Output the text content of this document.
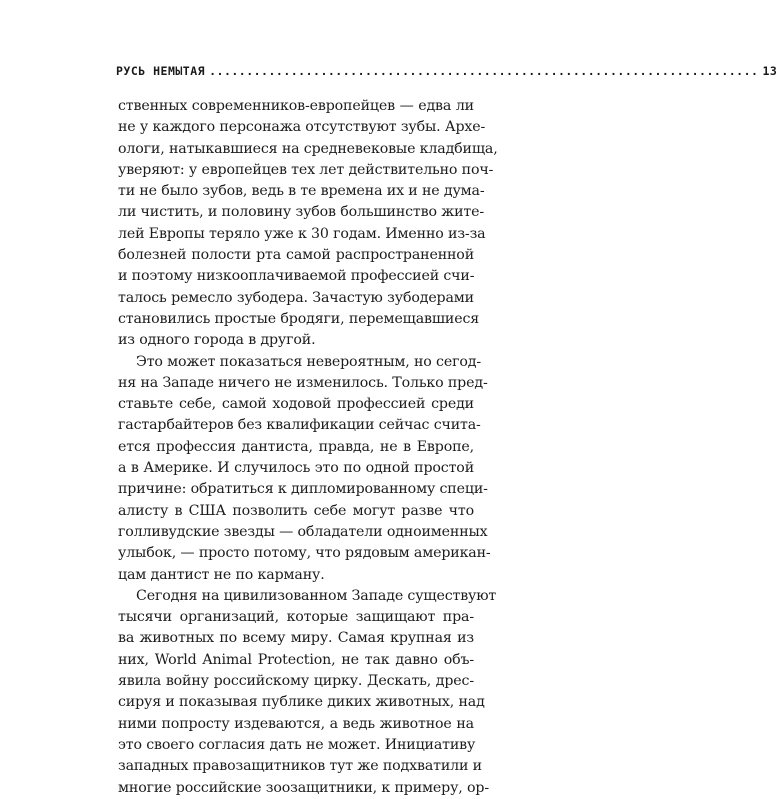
РУСЬ НЕМЫТАЯ .......................................................................... 13
ственных современников-европейцев — едва ли
не у каждого персонажа отсутствуют зубы. Архе-
ологи, натыкавшиеся на средневековые кладбища,
уверяют: у европейцев тех лет действительно поч-
ти не было зубов, ведь в те времена их и не дума-
ли чистить, и половину зубов большинство жите-
лей Европы теряло уже к 30 годам. Именно из-за
болезней полости рта самой распространенной
и поэтому низкооплачиваемой профессией счи-
талось ремесло зубодера. Зачастую зубодерами
становились простые бродяги, перемещавшиеся
из одного города в другой.
Это может показаться невероятным, но сегод-
ня на Западе ничего не изменилось. Только пред-
ставьте себе, самой ходовой профессией среди
гастарбайтеров без квалификации сейчас счита-
ется профессия дантиста, правда, не в Европе,
а в Америке. И случилось это по одной простой
причине: обратиться к дипломированному специ-
алисту в США позволить себе могут разве что
голливудские звезды — обладатели одноименных
улыбок, — просто потому, что рядовым американ-
цам дантист не по карману.
Сегодня на цивилизованном Западе существуют
тысячи организаций, которые защищают пра-
ва животных по всему миру. Самая крупная из
них, World Animal Protection, не так давно объ-
явила войну российскому цирку. Дескать, дрес-
сируя и показывая публике диких животных, над
ними попросту издеваются, а ведь животное на
это своего согласия дать не может. Инициативу
западных правозащитников тут же подхватили и
многие российские зоозащитники, к примеру, ор-
